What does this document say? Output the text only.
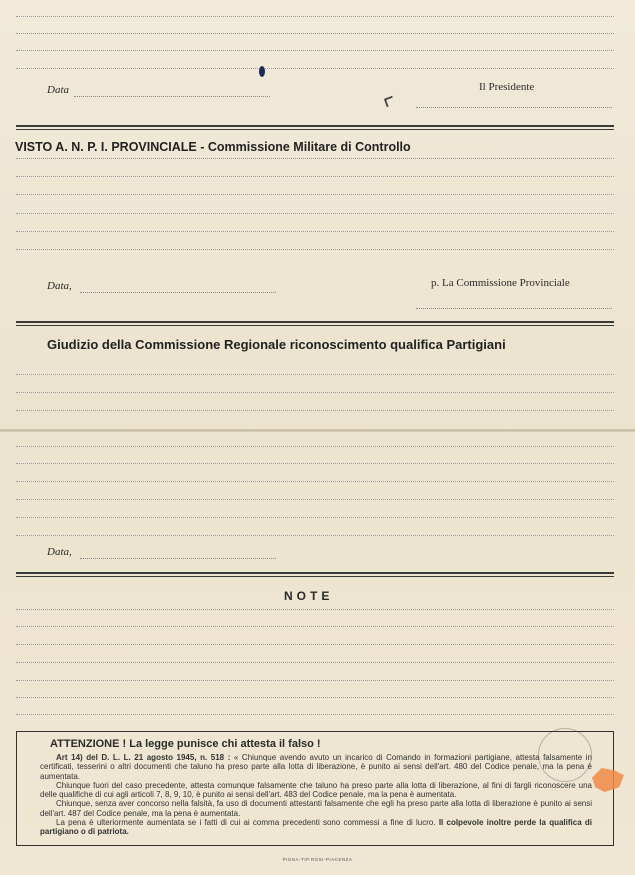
Data	Il Presidente
VISTO A. N. P. I. PROVINCIALE - Commissione Militare di Controllo
Data,	p. La Commissione Provinciale
Giudizio della Commissione Regionale riconoscimento qualifica Partigiani
Data,
NOTE
ATTENZIONE ! La legge punisce chi attesta il falso !

Art 14) del D. L. L. 21 agosto 1945, n. 518 : « Chiunque avendo avuto un incarico di Comando in formazioni partigiane, attesta falsamente in certificati, tesserini o altri documenti che taluno ha preso parte alla lotta di liberazione, è punito ai sensi dell'art. 480 del Codice penale, ma la pena è aumentata.

Chiunque fuori del caso precedente, attesta comunque falsamente che taluno ha preso parte alla lotta di liberazione, al fini di fargli riconoscere una delle qualifiche di cui agli articoli 7, 8, 9, 10, è punito ai sensi dell'art. 483 del Codice penale, ma la pena è aumentata.

Chiunque, senza aver concorso nella falsità, fa uso di documenti attestanti falsamente che egli ha preso parte alla lotta di liberazione è punito ai sensi dell'art. 487 del Codice penale, ma la pena è aumentata.

La pena è ulteriormente aumentata se i fatti di cui ai comma precedenti sono commessi a fine di lucro. Il colpevole inoltre perde la qualifica di partigiano o di patriota.

PIGNA-TIP.ROSI-PIACENZA
